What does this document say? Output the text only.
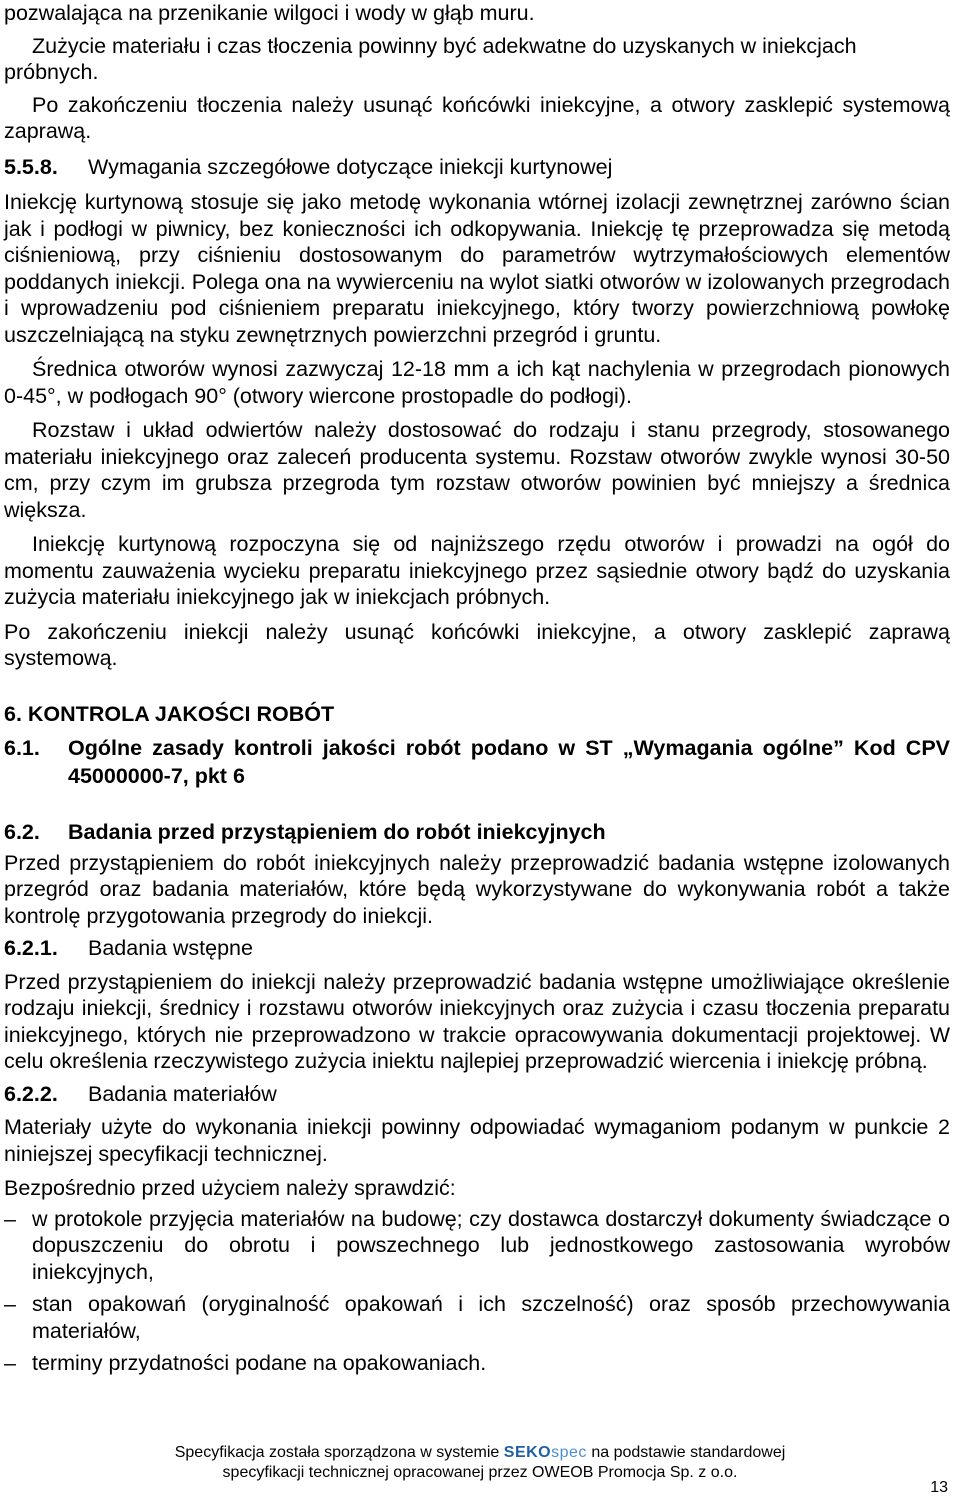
pozwalająca na przenikanie wilgoci i wody w głąb muru.

Zużycie materiału i czas tłoczenia powinny być adekwatne do uzyskanych w iniekcjach próbnych.

Po zakończeniu tłoczenia należy usunąć końcówki iniekcyjne, a otwory zasklepić systemową zaprawą.

5.5.8. Wymagania szczegółowe dotyczące iniekcji kurtynowej

Iniekcję kurtynową stosuje się jako metodę wykonania wtórnej izolacji zewnętrznej zarówno ścian jak i podłogi w piwnicy, bez konieczności ich odkopywania. Iniekcję tę przeprowadza się metodą ciśnieniową, przy ciśnieniu dostosowanym do parametrów wytrzymałościowych elementów poddanych iniekcji. Polega ona na wywierceniu na wylot siatki otworów w izolowanych przegrodach i wprowadzeniu pod ciśnieniem preparatu iniekcyjnego, który tworzy powierzchniową powłokę uszczelniającą na styku zewnętrznych powierzchni przegród i gruntu.

Średnica otworów wynosi zazwyczaj 12-18 mm a ich kąt nachylenia w przegrodach pionowych 0-45°, w podłogach 90° (otwory wiercone prostopadle do podłogi).

Rozstaw i układ odwiertów należy dostosować do rodzaju i stanu przegrody, stosowanego materiału iniekcyjnego oraz zaleceń producenta systemu. Rozstaw otworów zwykle wynosi 30-50 cm, przy czym im grubsza przegroda tym rozstaw otworów powinien być mniejszy a średnica większa.

Iniekcję kurtynową rozpoczyna się od najniższego rzędu otworów i prowadzi na ogół do momentu zauważenia wycieku preparatu iniekcyjnego przez sąsiednie otwory bądź do uzyskania zużycia materiału iniekcyjnego jak w iniekcjach próbnych.

Po zakończeniu iniekcji należy usunąć końcówki iniekcyjne, a otwory zasklepić zaprawą systemową.

6. KONTROLA JAKOŚCI ROBÓT
6.1.	Ogólne zasady kontroli jakości robót podano w ST „Wymagania ogólne” Kod CPV 45000000-7, pkt 6
6.2.	Badania przed przystąpieniem do robót iniekcyjnych

Przed przystąpieniem do robót iniekcyjnych należy przeprowadzić badania wstępne izolowanych przegród oraz badania materiałów, które będą wykorzystywane do wykonywania robót a także kontrolę przygotowania przegrody do iniekcji.

6.2.1. Badania wstępne

Przed przystąpieniem do iniekcji należy przeprowadzić badania wstępne umożliwiające określenie rodzaju iniekcji, średnicy i rozstawu otworów iniekcyjnych oraz zużycia i czasu tłoczenia preparatu iniekcyjnego, których nie przeprowadzono w trakcie opracowywania dokumentacji projektowej. W celu określenia rzeczywistego zużycia iniektu najlepiej przeprowadzić wiercenia i iniekcję próbną.

6.2.2. Badania materiałów

Materiały użyte do wykonania iniekcji powinny odpowiadać wymaganiom podanym w punkcie 2 niniejszej specyfikacji technicznej.

Bezpośrednio przed użyciem należy sprawdzić:

– w protokole przyjęcia materiałów na budowę; czy dostawca dostarczył dokumenty świadczące o dopuszczeniu do obrotu i powszechnego lub jednostkowego zastosowania wyrobów iniekcyjnych,
– stan opakowań (oryginalność opakowań i ich szczelność) oraz sposób przechowywania materiałów,
– terminy przydatności podane na opakowaniach.
Specyfikacja została sporządzona w systemie SEKOspec na podstawie standardowej
specyfikacji technicznej opracowanej przez OWEOB Promocja Sp. z o.o.
13
